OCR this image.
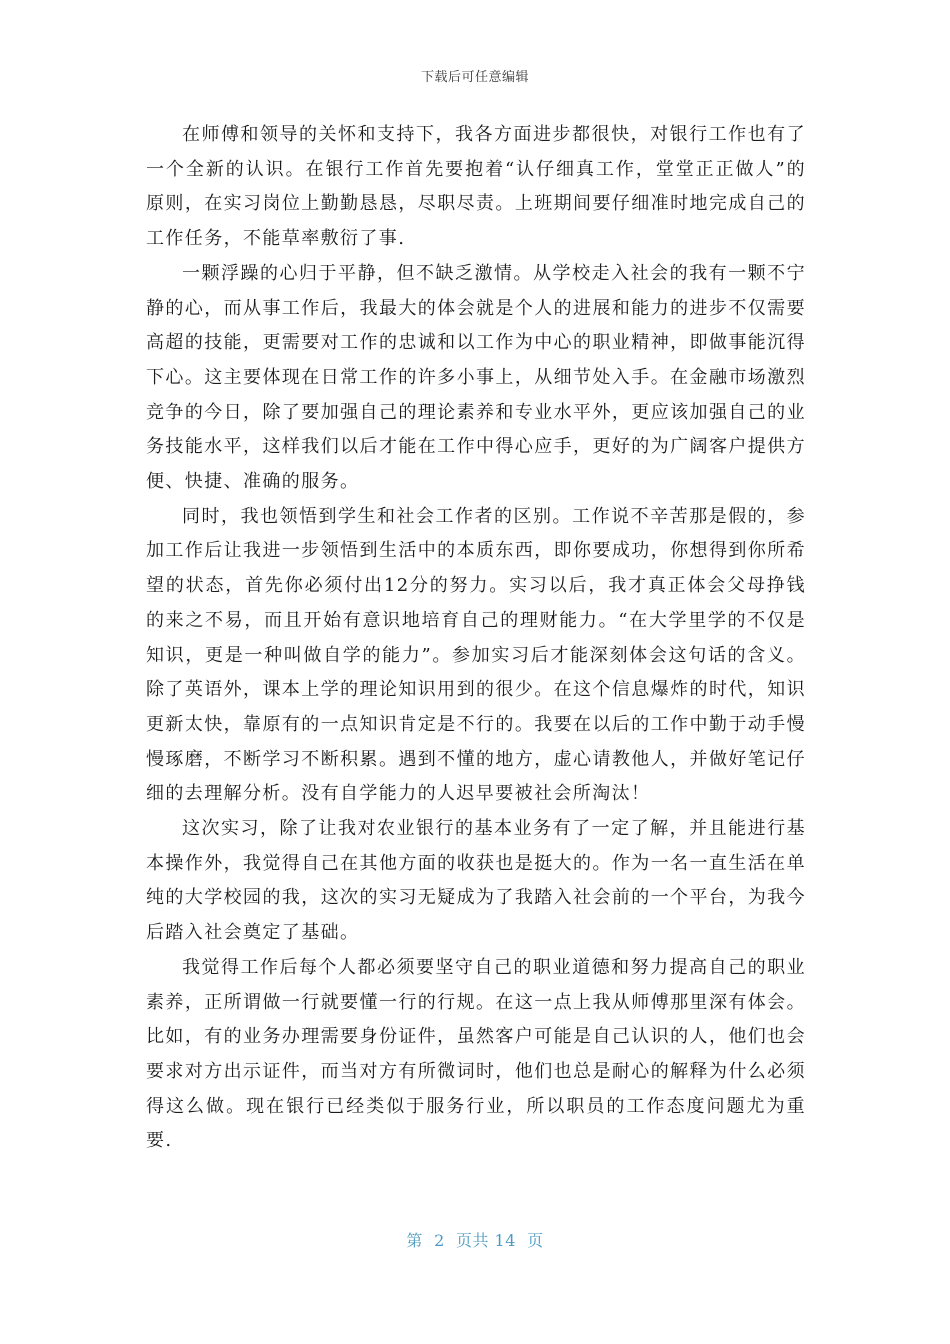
下载后可任意编辑

在师傅和领导的关怀和支持下，我各方面进步都很快，对银行工作也有了一个全新的认识。在银行工作首先要抱着“认仔细真工作，堂堂正正做人”的原则，在实习岗位上勤勤恳恳，尽职尽责。上班期间要仔细准时地完成自己的工作任务，不能草率敷衍了事.

一颗浮躁的心归于平静，但不缺乏激情。从学校走入社会的我有一颗不宁静的心，而从事工作后，我最大的体会就是个人的进展和能力的进步不仅需要高超的技能，更需要对工作的忠诚和以工作为中心的职业精神，即做事能沉得下心。这主要体现在日常工作的许多小事上，从细节处入手。在金融市场激烈竞争的今日，除了要加强自己的理论素养和专业水平外，更应该加强自己的业务技能水平，这样我们以后才能在工作中得心应手，更好的为广阔客户提供方便、快捷、准确的服务。

同时，我也领悟到学生和社会工作者的区别。工作说不辛苦那是假的，参加工作后让我进一步领悟到生活中的本质东西，即你要成功，你想得到你所希望的状态，首先你必须付出12分的努力。实习以后，我才真正体会父母挣钱的来之不易，而且开始有意识地培育自己的理财能力。“在大学里学的不仅是知识，更是一种叫做自学的能力”。参加实习后才能深刻体会这句话的含义。除了英语外，课本上学的理论知识用到的很少。在这个信息爆炸的时代，知识更新太快，靠原有的一点知识肯定是不行的。我要在以后的工作中勤于动手慢慢琢磨，不断学习不断积累。遇到不懂的地方，虚心请教他人，并做好笔记仔细的去理解分析。没有自学能力的人迟早要被社会所淘汰！

这次实习，除了让我对农业银行的基本业务有了一定了解，并且能进行基本操作外，我觉得自己在其他方面的收获也是挺大的。作为一名一直生活在单纯的大学校园的我，这次的实习无疑成为了我踏入社会前的一个平台，为我今后踏入社会奠定了基础。

我觉得工作后每个人都必须要坚守自己的职业道德和努力提高自己的职业素养，正所谓做一行就要懂一行的行规。在这一点上我从师傅那里深有体会。比如，有的业务办理需要身份证件，虽然客户可能是自己认识的人，他们也会要求对方出示证件，而当对方有所微词时，他们也总是耐心的解释为什么必须得这么做。现在银行已经类似于服务行业，所以职员的工作态度问题尤为重要.

第  2  页共 14  页
